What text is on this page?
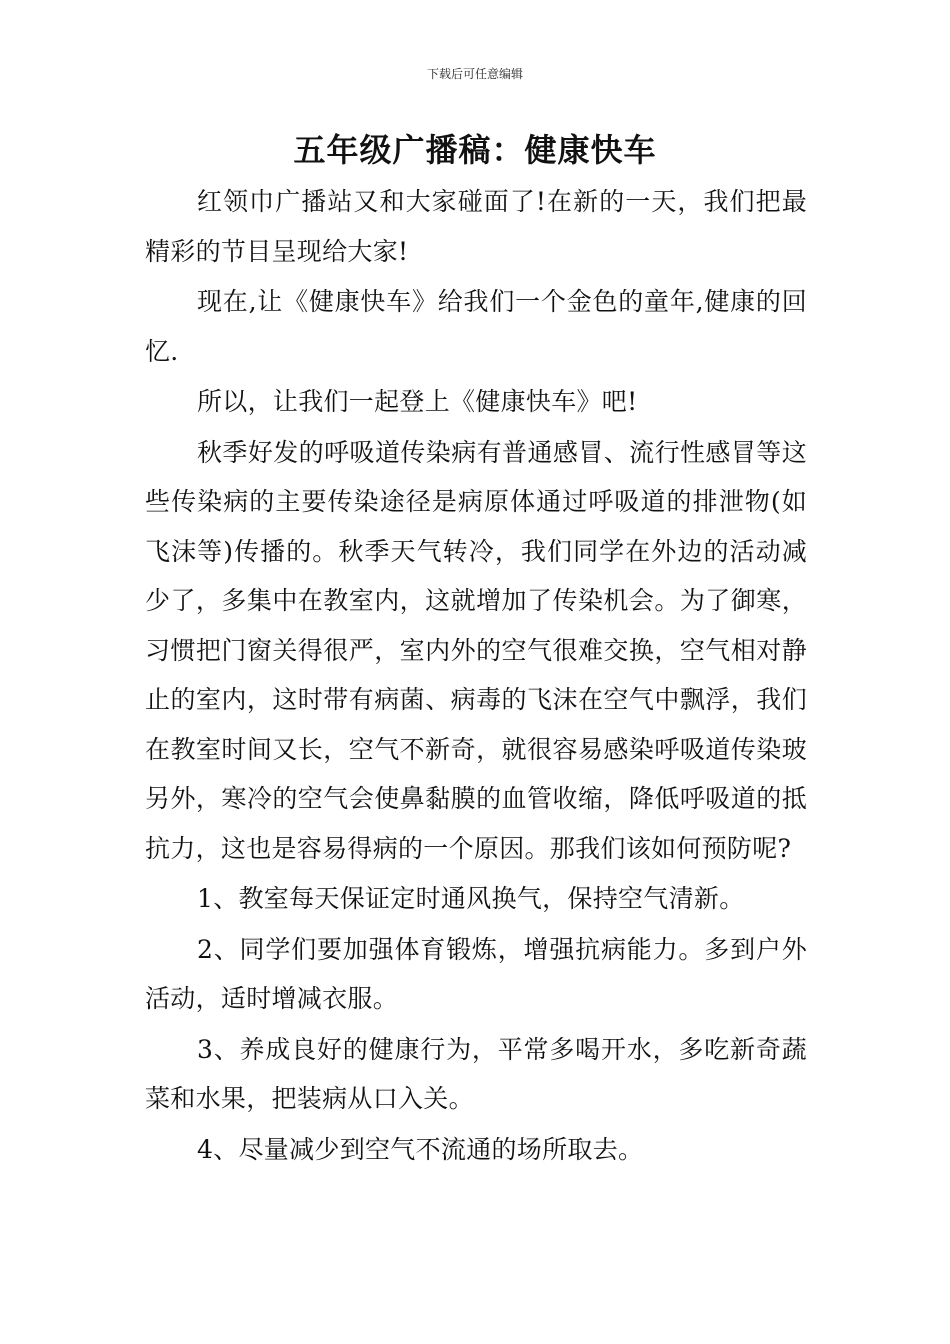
下载后可任意编辑
五年级广播稿：健康快车

红领巾广播站又和大家碰面了!在新的一天，我们把最精彩的节目呈现给大家!

现在,让《健康快车》给我们一个金色的童年,健康的回忆.

所以，让我们一起登上《健康快车》吧!

秋季好发的呼吸道传染病有普通感冒、流行性感冒等这些传染病的主要传染途径是病原体通过呼吸道的排泄物(如飞沫等)传播的。秋季天气转冷，我们同学在外边的活动减少了，多集中在教室内，这就增加了传染机会。为了御寒，习惯把门窗关得很严，室内外的空气很难交换，空气相对静止的室内，这时带有病菌、病毒的飞沫在空气中飘浮，我们在教室时间又长，空气不新奇，就很容易感染呼吸道传染玻另外，寒冷的空气会使鼻黏膜的血管收缩，降低呼吸道的抵抗力，这也是容易得病的一个原因。那我们该如何预防呢?

1、教室每天保证定时通风换气，保持空气清新。

2、同学们要加强体育锻炼，增强抗病能力。多到户外活动，适时增减衣服。

3、养成良好的健康行为，平常多喝开水，多吃新奇蔬菜和水果，把装病从口入关。

4、尽量减少到空气不流通的场所取去。
